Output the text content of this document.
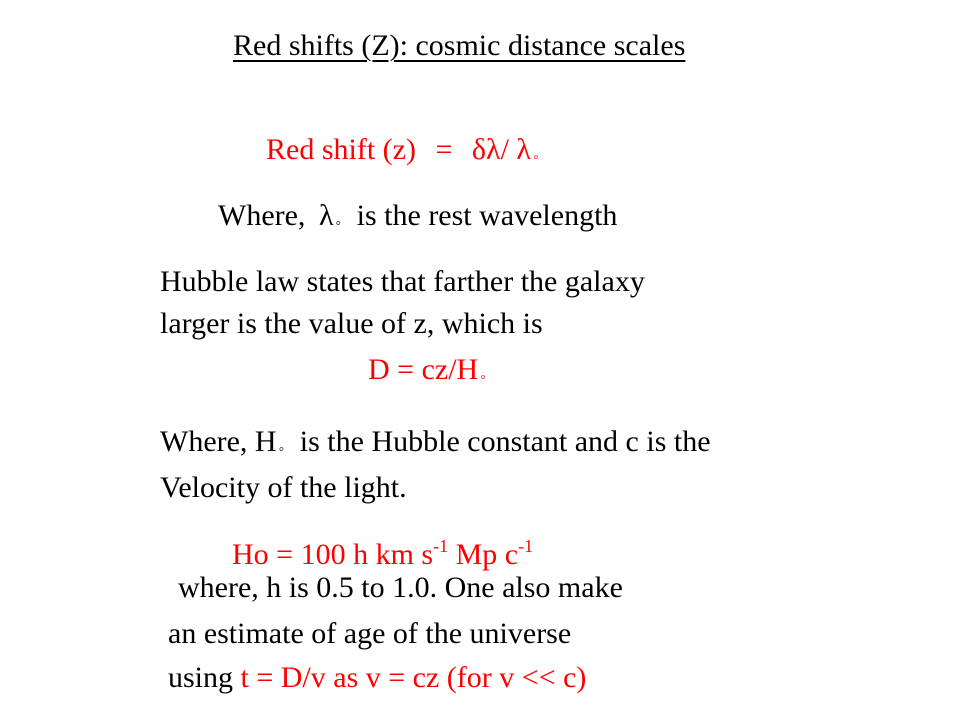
Red shifts (Z): cosmic distance scales
Red shift (z) = δλ/ λ ◦
Where, λ ◦ is the rest wavelength
Hubble law states that farther the galaxy
larger is the value of z, which is
D = cz/H ◦
Where, H ◦ is the Hubble constant and c is the
Velocity of the light.
Ho = 100 h km $s^{-1}$ Mp $c^{-1}$
where, h is 0.5 to 1.0. One also make
an estimate of age of the universe
using t = D/v as v = cz (for v << c)
